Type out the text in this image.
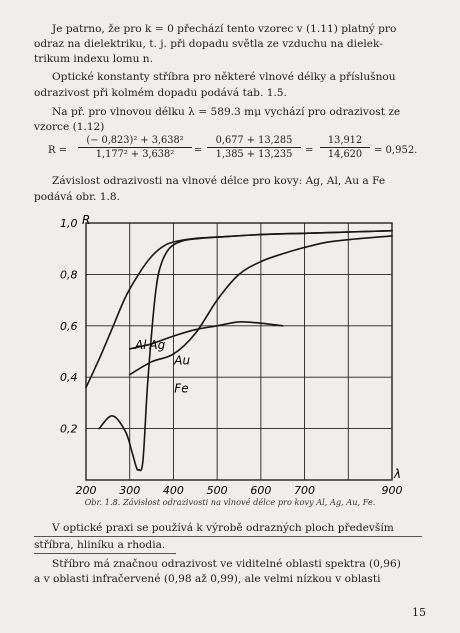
Je patrno, že pro k = 0 přechází tento vzorec v (1.11) platný pro
odraz na dielektriku, t. j. při dopadu světla ze vzduchu na dielek-
trikum indexu lomu n.
Optické konstanty stříbra pro některé vlnové délky a příslušnou
odrazivost při kolmém dopadu podává tab. 1.5.
Na př. pro vlnovou délku λ = 589.3 mμ vychází pro odrazivost ze
vzorce (1.12)
R =
(− 0,823)² + 3,638²
1,177² + 3,638²	=
0,677 + 13,285
1,385 + 13,235	=
13,912
14,620	= 0,952.
Závislost odrazivosti na vlnové délce pro kovy: Ag, Al, Au a Fe
podává obr. 1.8.
200 300 400 500 600 700	900
0,2
0,4
0,6
0,8
1,0
Al Ag
Au
Fe
R
λ
Obr. 1.8. Závislost odrazivosti na vlnové délce pro kovy Al, Ag, Au, Fe.
V optické praxi se používá k výrobě odrazných ploch především
stříbra, hliníku a rhodia.
Stříbro má značnou odrazivost ve viditelné oblasti spektra (0,96)
a v oblasti infračervené (0,98 až 0,99), ale velmi nízkou v oblasti
15
